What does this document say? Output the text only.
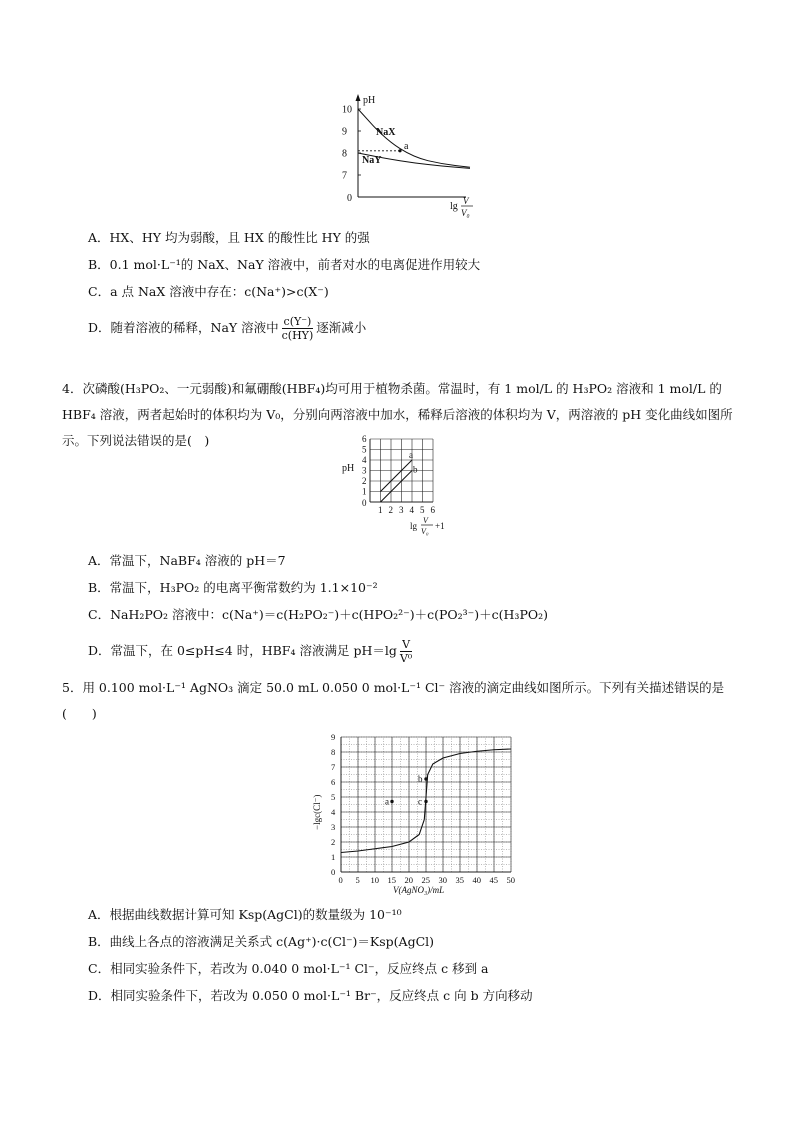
pH
0
7
8
9
10
NaX
NaY
a
lg V
V₀
A．HX、HY 均为弱酸，且 HX 的酸性比 HY 的强
B．0.1 mol·L⁻¹的 NaX、NaY 溶液中，前者对水的电离促进作用较大
C．a 点 NaX 溶液中存在：c(Na⁺)>c(X⁻)
D．随着溶液的稀释，NaY 溶液中 $\frac{c(Y^-)}{c(HY)}$ 逐渐减小
4．次磷酸(H₃PO₂、一元弱酸)和氟硼酸(HBF₄)均可用于植物杀菌。常温时，有 1 mol/L 的 H₃PO₂ 溶液和 1 mol/L 的 HBF₄ 溶液，两者起始时的体积均为 V₀，分别向两溶液中加水，稀释后溶液的体积均为 V，两溶液的 pH 变化曲线如图所示。下列说法错误的是(　)
pH
0
1
2
3
4
5
6
1 2 3 4 5 6
a
b
lg
V
V₀
+1
A．常温下，NaBF₄ 溶液的 pH＝7
B．常温下，H₃PO₂ 的电离平衡常数约为 1.1×10⁻²
C．NaH₂PO₂ 溶液中：c(Na⁺)＝c(H₂PO₂⁻)＋c(HPO₂²⁻)＋c(PO₂³⁻)＋c(H₃PO₂)
D．常温下，在 0≤pH≤4 时，HBF₄ 溶液满足 $pH=\lg \frac{V}{\text{V⁰}}$
5．用 0.100 mol·L⁻¹ AgNO₃ 滴定 50.0 mL 0.050 0 mol·L⁻¹ Cl⁻ 溶液的滴定曲线如图所示。下列有关描述错误的是(　　)
0
1
2
3
4
5
6
7
8
9
0 5 10 15 20 25 30 35 40 45 50
−lgc(Cl⁻)
V(AgNO₃)/mL
a
b
c
A．根据曲线数据计算可知 Ksp(AgCl)的数量级为 10⁻¹⁰
B．曲线上各点的溶液满足关系式 c(Ag⁺)·c(Cl⁻)＝Ksp(AgCl)
C．相同实验条件下，若改为 0.040 0 mol·L⁻¹ Cl⁻，反应终点 c 移到 a
D．相同实验条件下，若改为 0.050 0 mol·L⁻¹ Br⁻，反应终点 c 向 b 方向移动
